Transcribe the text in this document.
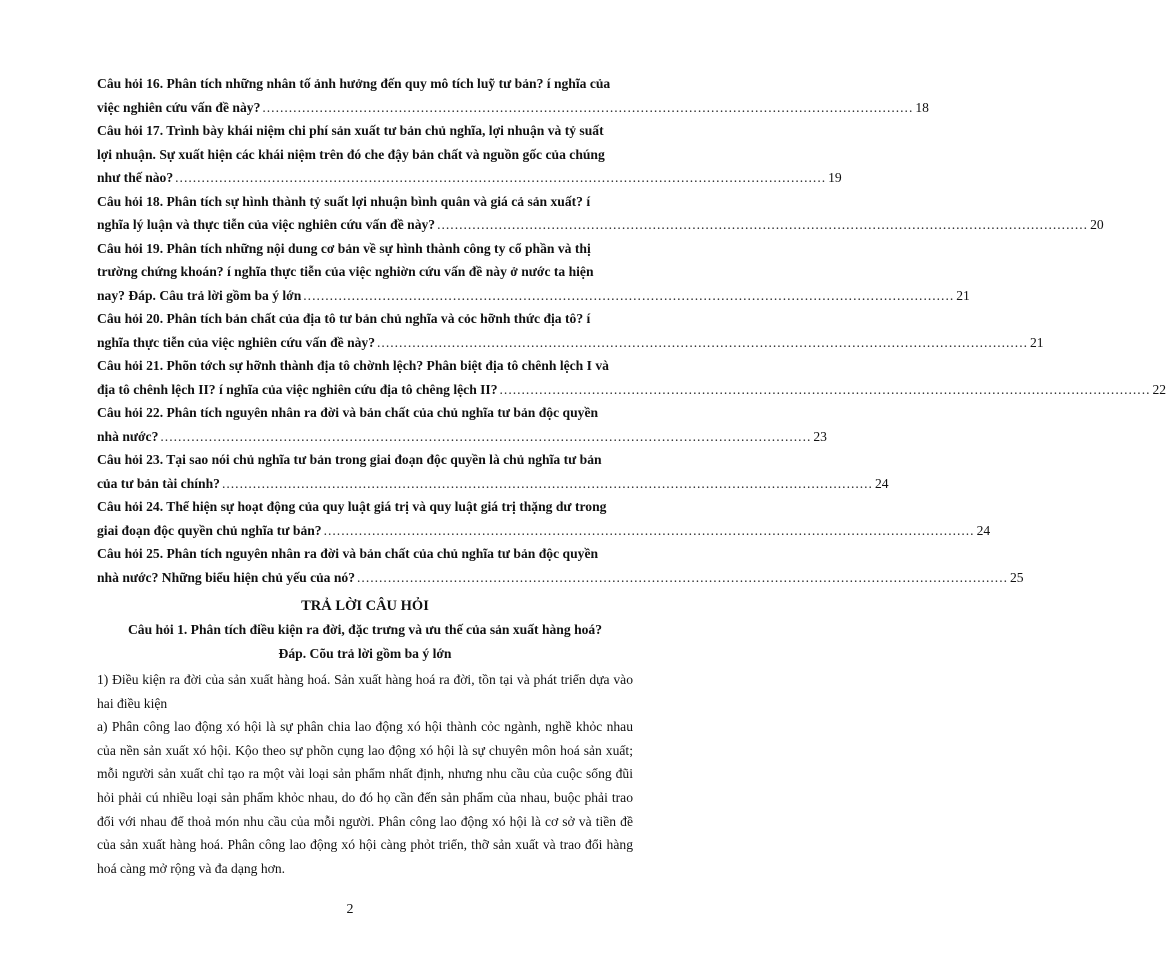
Câu hỏi 16. Phân tích những nhân tố ảnh hưởng đến quy mô tích luỹ tư bản? í nghĩa của
việc nghiên cứu vấn đề này? .................................................................................................................................................... 18
Câu hỏi 17. Trình bày khái niệm chi phí sản xuất tư bản chủ nghĩa, lợi nhuận và tỷ suất
lợi nhuận. Sự xuất hiện các khái niệm trên đó che đậy bản chất và nguồn gốc của chúng
như thế nào? .................................................................................................................................................... 19
Câu hỏi 18. Phân tích sự hình thành tỷ suất lợi nhuận bình quân và giá cả sản xuất? í
nghĩa lý luận và thực tiễn của việc nghiên cứu vấn đề này? .................................................................................................................................................... 20
Câu hỏi 19. Phân tích những nội dung cơ bản về sự hình thành công ty cổ phần và thị
trường chứng khoán? í nghĩa thực tiễn của việc nghiờn cứu vấn đề này ở nước ta hiện
nay? Đáp. Câu trả lời gồm ba ý lớn .................................................................................................................................................... 21
Câu hỏi 20. Phân tích bản chất của địa tô tư bản chủ nghĩa và cỏc hỡnh thức địa tô? í
nghĩa thực tiễn của việc nghiên cứu vấn đề này? .................................................................................................................................................... 21
Câu hỏi 21. Phõn tớch sự hỡnh thành địa tô chờnh lệch? Phân biệt địa tô chênh lệch I và
địa tô chênh lệch II? í nghĩa của việc nghiên cứu địa tô chêng lệch II? .................................................................................................................................................... 22
Câu hỏi 22. Phân tích nguyên nhân ra đời và bản chất của chủ nghĩa tư bản độc quyền
nhà nước? .................................................................................................................................................... 23
Câu hỏi 23. Tại sao nói chủ nghĩa tư bản trong giai đoạn độc quyền là chủ nghĩa tư bản
của tư bản tài chính? .................................................................................................................................................... 24
Câu hỏi 24. Thể hiện sự hoạt động của quy luật giá trị và quy luật giá trị thặng dư trong
giai đoạn độc quyền chủ nghĩa tư bản? .................................................................................................................................................... 24
Câu hỏi 25. Phân tích nguyên nhân ra đời và bản chất của chủ nghĩa tư bản độc quyền
nhà nước? Những biểu hiện chủ yếu của nó? .................................................................................................................................................... 25
TRẢ LỜI CÂU HỎI
Câu hỏi 1. Phân tích điều kiện ra đời, đặc trưng và ưu thế của sản xuất hàng hoá?
Đáp. Cõu trả lời gồm ba ý lớn

1) Điều kiện ra đời của sản xuất hàng hoá. Sản xuất hàng hoá ra đời, tồn tại và phát triển dựa vào hai điều kiện

a) Phân công lao động xó hội là sự phân chia lao động xó hội thành cỏc ngành, nghề khỏc nhau của nền sản xuất xó hội. Kộo theo sự phõn cụng lao động xó hội là sự chuyên môn hoá sản xuất; mỗi người sản xuất chỉ tạo ra một vài loại sản phẩm nhất định, nhưng nhu cầu của cuộc sống đũi hỏi phải cú nhiều loại sản phẩm khỏc nhau, do đó họ cần đến sản phẩm của nhau, buộc phải trao đổi với nhau để thoả món nhu cầu của mỗi người. Phân công lao động xó hội là cơ sở và tiền đề của sản xuất hàng hoá. Phân công lao động xó hội càng phỏt triển, thỡ sản xuất và trao đổi hàng hoá càng mở rộng và đa dạng hơn.

2
